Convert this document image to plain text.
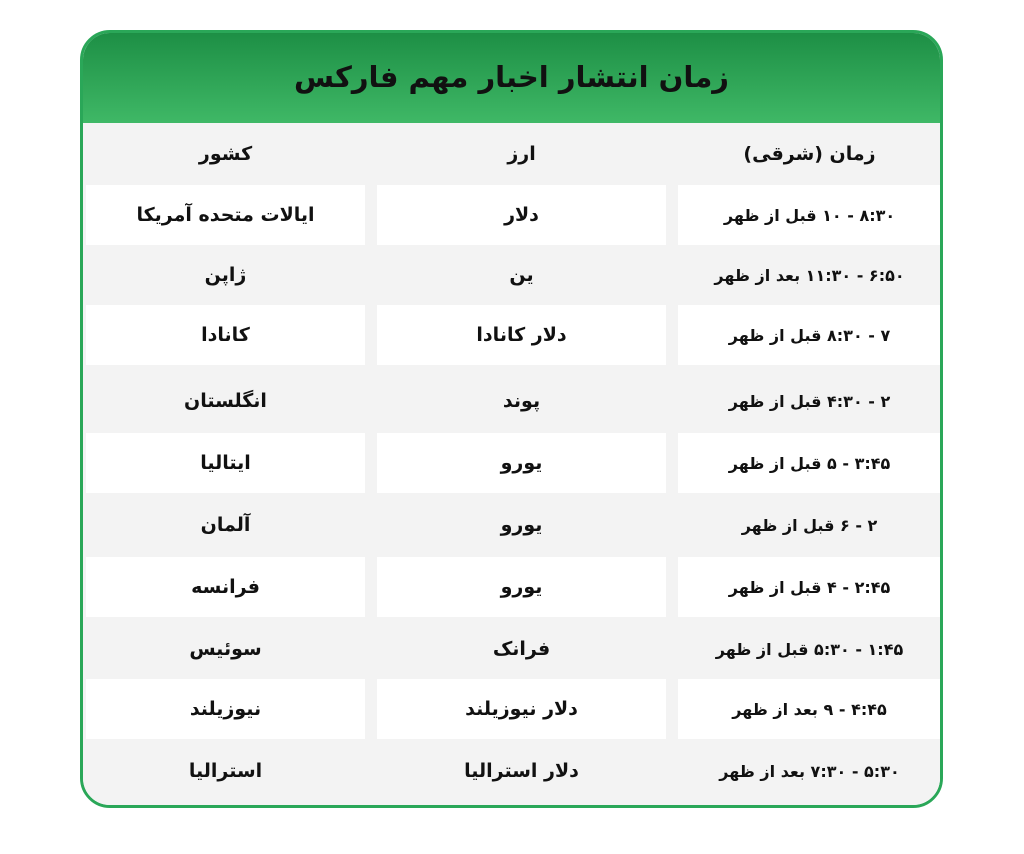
زمان انتشار اخبار مهم فارکس
کشور	ارز	زمان (شرقی)
ایالات متحده آمریکا	دلار	۸:۳۰ - ۱۰ قبل از ظهر
ژاپن	ین	۶:۵۰ - ۱۱:۳۰ بعد از ظهر
کانادا	دلار کانادا	۷ - ۸:۳۰ قبل از ظهر
انگلستان	پوند	۲ - ۴:۳۰ قبل از ظهر
ایتالیا	یورو	۳:۴۵ - ۵ قبل از ظهر
آلمان	یورو	۲ - ۶ قبل از ظهر
فرانسه	یورو	۲:۴۵ - ۴ قبل از ظهر
سوئیس	فرانک	۱:۴۵ - ۵:۳۰ قبل از ظهر
نیوزیلند	دلار نیوزیلند	۴:۴۵ - ۹ بعد از ظهر
استرالیا	دلار استرالیا	۵:۳۰ - ۷:۳۰ بعد از ظهر
